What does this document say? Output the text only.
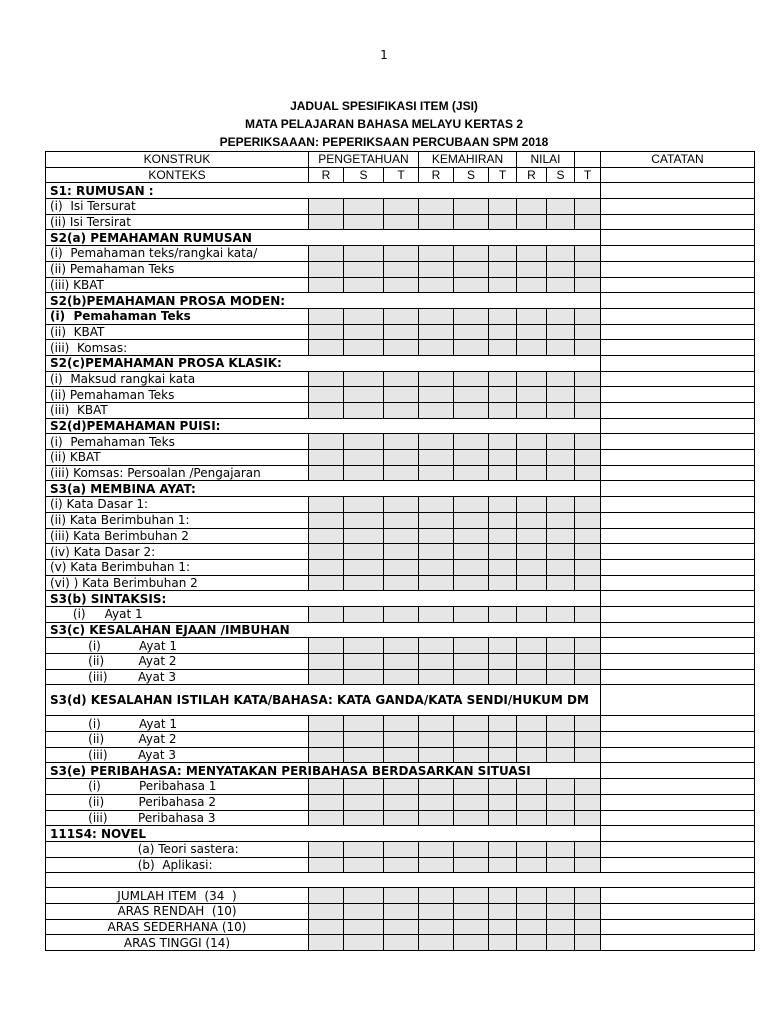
1
JADUAL SPESIFIKASI ITEM (JSI)
MATA PELAJARAN BAHASA MELAYU KERTAS 2
PEPERIKSAAAN: PEPERIKSAAN PERCUBAAN SPM 2018
KONSTRUK	PENGETAHUAN			KEMAHIRAN			NILAI			CATATAN
KONTEKS	R	S	T	R	S	T	R	S	T	
S1: RUMUSAN :										
(i)  Isi Tersurat										
(ii) Isi Tersirat										
S2(a) PEMAHAMAN RUMUSAN										
(i)  Pemahaman teks/rangkai kata/										
(ii) Pemahaman Teks										
(iii) KBAT										
S2(b)PEMAHAMAN PROSA MODEN:										
(i)  Pemahaman Teks										
(ii)  KBAT										
(iii)  Komsas:										
S2(c)PEMAHAMAN PROSA KLASIK:										
(i)  Maksud rangkai kata										
(ii) Pemahaman Teks										
(iii)  KBAT										
S2(d)PEMAHAMAN PUISI:										
(i)  Pemahaman Teks										
(ii) KBAT										
(iii) Komsas: Persoalan /Pengajaran										
S3(a) MEMBINA AYAT:										
(i) Kata Dasar 1:										
(ii) Kata Berimbuhan 1:										
(iii) Kata Berimbuhan 2										
(iv) Kata Dasar 2:										
(v) Kata Berimbuhan 1:										
(vi) ) Kata Berimbuhan 2										
S3(b) SINTAKSIS:										
(i)     Ayat 1										
S3(c) KESALAHAN EJAAN /IMBUHAN										
(i)          Ayat 1										
(ii)         Ayat 2										
(iii)        Ayat 3										
S3(d) KESALAHAN ISTILAH KATA/BAHASA: KATA GANDA/KATA SENDI/HUKUM DM										
(i)          Ayat 1										
(ii)         Ayat 2										
(iii)        Ayat 3										
S3(e) PERIBAHASA: MENYATAKAN PERIBAHASA BERDASARKAN SITUASI										
(i)          Peribahasa 1										
(ii)         Peribahasa 2										
(iii)        Peribahasa 3										
111S4: NOVEL										
(a) Teori sastera:										
(b)  Aplikasi:										

JUMLAH ITEM  (34  )										
ARAS RENDAH  (10)										
ARAS SEDERHANA (10)										
ARAS TINGGI (14)										
